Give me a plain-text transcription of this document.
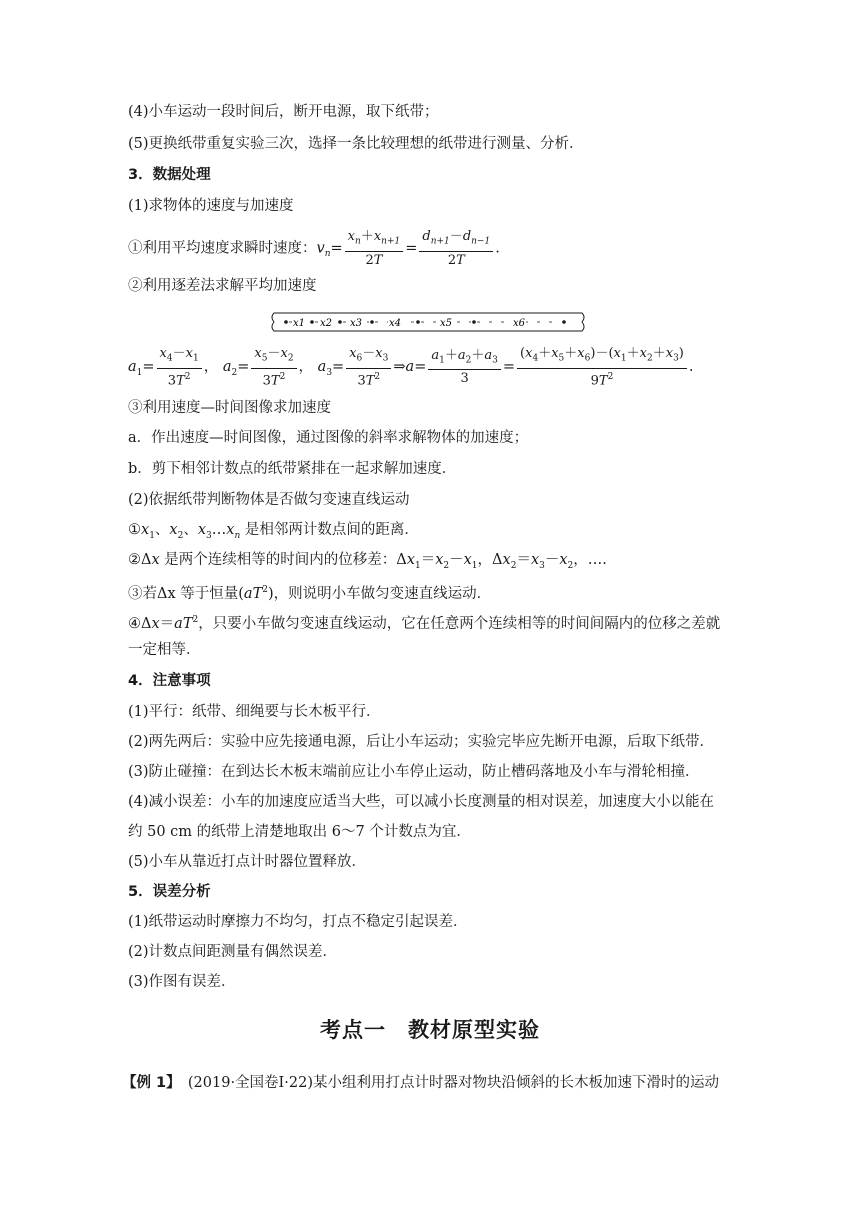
(4)小车运动一段时间后，断开电源，取下纸带；
(5)更换纸带重复实验三次，选择一条比较理想的纸带进行测量、分析．
3．数据处理
(1)求物体的速度与加速度
①利用平均速度求瞬时速度：$v_n= \frac{x_n+x_{n+1}}{2T} = \frac{d_{n+1}-d_{n-1}}{2T}$ .
②利用逐差法求解平均加速度
x1 x2 x3	x4	x5	x6
$a_1= \frac{x_4-x_1}{3T^2}$ ， $a_2= \frac{x_5-x_2}{3T^2}$ ， $a_3= \frac{x_6-x_3}{3T^2}$ ⇒a= $\frac{a_1+a_2+a_3}{3} = \frac{(x_4+x_5+x_6)-(x_1+x_2+x_3)}{9T^2}$ .
③利用速度—时间图像求加速度
a．作出速度—时间图像，通过图像的斜率求解物体的加速度；
b．剪下相邻计数点的纸带紧排在一起求解加速度．
(2)依据纸带判断物体是否做匀变速直线运动
$①x_1$、$x_2$、$x_3\dots x_n$ 是相邻两计数点间的距离．
②Δx 是两个连续相等的时间内的位移差：$\Delta x_1=x_2-x_1$，$\Delta x_2=x_3-x_2$，….
③若Δx 等于恒量$(aT^2)$，则说明小车做匀变速直线运动．
$④\Delta x=aT^2$，只要小车做匀变速直线运动，它在任意两个连续相等的时间间隔内的位移之差就
一定相等．
4．注意事项
(1)平行：纸带、细绳要与长木板平行．
(2)两先两后：实验中应先接通电源，后让小车运动；实验完毕应先断开电源，后取下纸带．
(3)防止碰撞：在到达长木板末端前应让小车停止运动，防止槽码落地及小车与滑轮相撞．
(4)减小误差：小车的加速度应适当大些，可以减小长度测量的相对误差，加速度大小以能在
约 50 cm 的纸带上清楚地取出 6～7 个计数点为宜．
(5)小车从靠近打点计时器位置释放．
5．误差分析
(1)纸带运动时摩擦力不均匀，打点不稳定引起误差．
(2)计数点间距测量有偶然误差．
(3)作图有误差．
考点一　教材原型实验
【例 1】　 (2019·全国卷Ⅰ·22)某小组利用打点计时器对物块沿倾斜的长木板加速下滑时的运动
